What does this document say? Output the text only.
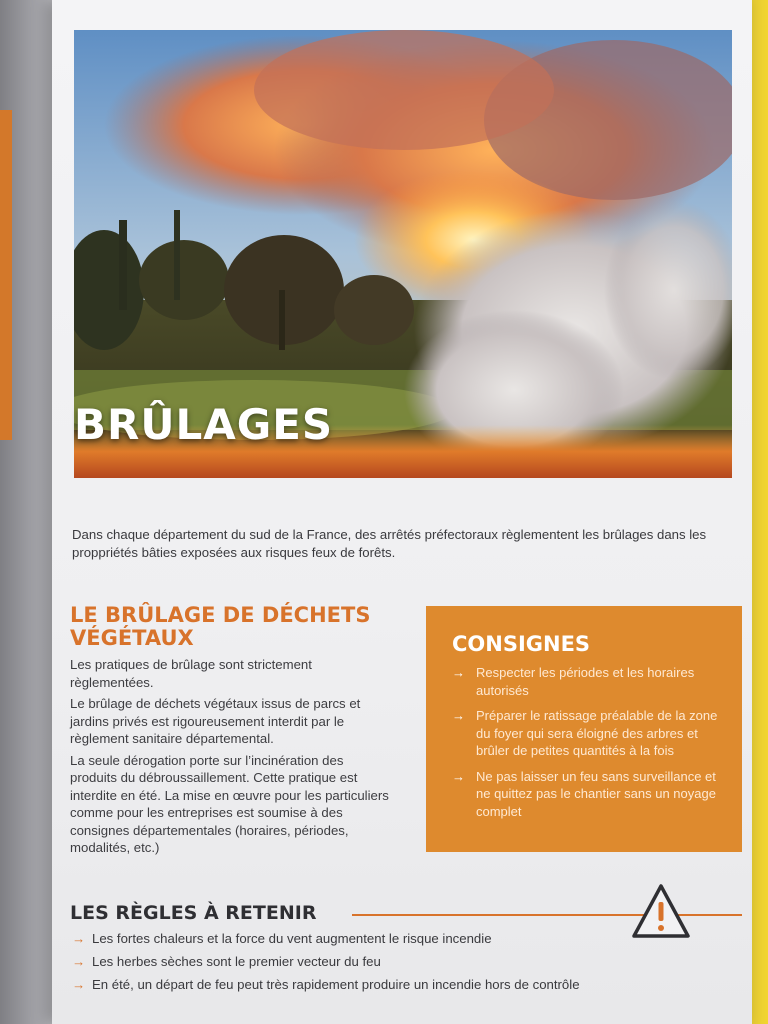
BRÛLAGES
Dans chaque département du sud de la France, des arrêtés préfectoraux règlementent les brûlages dans les proppriétés bâties exposées aux risques feux de forêts.
LE BRÛLAGE DE DÉCHETS VÉGÉTAUX

Les pratiques de brûlage sont strictement règlementées.

Le brûlage de déchets végétaux issus de parcs et jardins privés est rigoureusement interdit par le règlement sanitaire départemental.

La seule dérogation porte sur l’incinération des produits du débroussaillement. Cette pratique est interdite en été. La mise en œuvre pour les particuliers comme pour les entreprises est soumise à des consignes départementales (horaires, périodes, modalités, etc.)

CONSIGNES
→ Respecter les périodes et les horaires autorisés
→ Préparer le ratissage préalable de la zone du foyer qui sera éloigné des arbres et brûler de petites quantités à la fois
→ Ne pas laisser un feu sans surveillance et ne quittez pas le chantier sans un noyage complet
LES RÈGLES À RETENIR
→ Les fortes chaleurs et la force du vent augmentent le risque incendie
→ Les herbes sèches sont le premier vecteur du feu
→ En été, un départ de feu peut très rapidement produire un incendie hors de contrôle
